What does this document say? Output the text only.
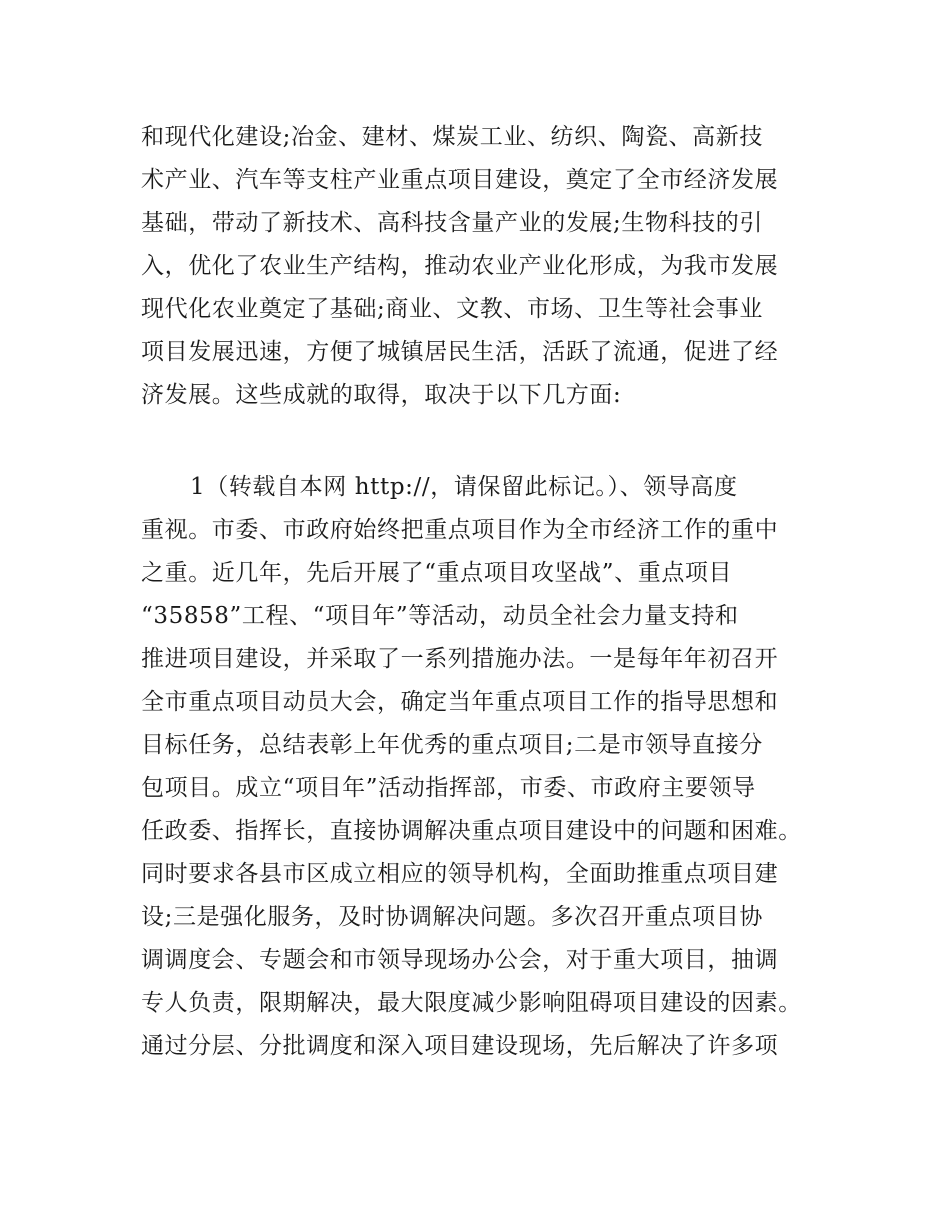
和现代化建设;冶金、建材、煤炭工业、纺织、陶瓷、高新技
术产业、汽车等支柱产业重点项目建设，奠定了全市经济发展
基础，带动了新技术、高科技含量产业的发展;生物科技的引
入，优化了农业生产结构，推动农业产业化形成，为我市发展
现代化农业奠定了基础;商业、文教、市场、卫生等社会事业
项目发展迅速，方便了城镇居民生活，活跃了流通，促进了经
济发展。这些成就的取得，取决于以下几方面:
1（转载自本网 http://，请保留此标记。）、领导高度
重视。市委、市政府始终把重点项目作为全市经济工作的重中
之重。近几年，先后开展了“重点项目攻坚战”、重点项目
“35858”工程、“项目年”等活动，动员全社会力量支持和
推进项目建设，并采取了一系列措施办法。一是每年年初召开
全市重点项目动员大会，确定当年重点项目工作的指导思想和
目标任务，总结表彰上年优秀的重点项目;二是市领导直接分
包项目。成立“项目年”活动指挥部，市委、市政府主要领导
任政委、指挥长，直接协调解决重点项目建设中的问题和困难。
同时要求各县市区成立相应的领导机构，全面助推重点项目建
设;三是强化服务，及时协调解决问题。多次召开重点项目协
调调度会、专题会和市领导现场办公会，对于重大项目，抽调
专人负责，限期解决，最大限度减少影响阻碍项目建设的因素。
通过分层、分批调度和深入项目建设现场，先后解决了许多项
